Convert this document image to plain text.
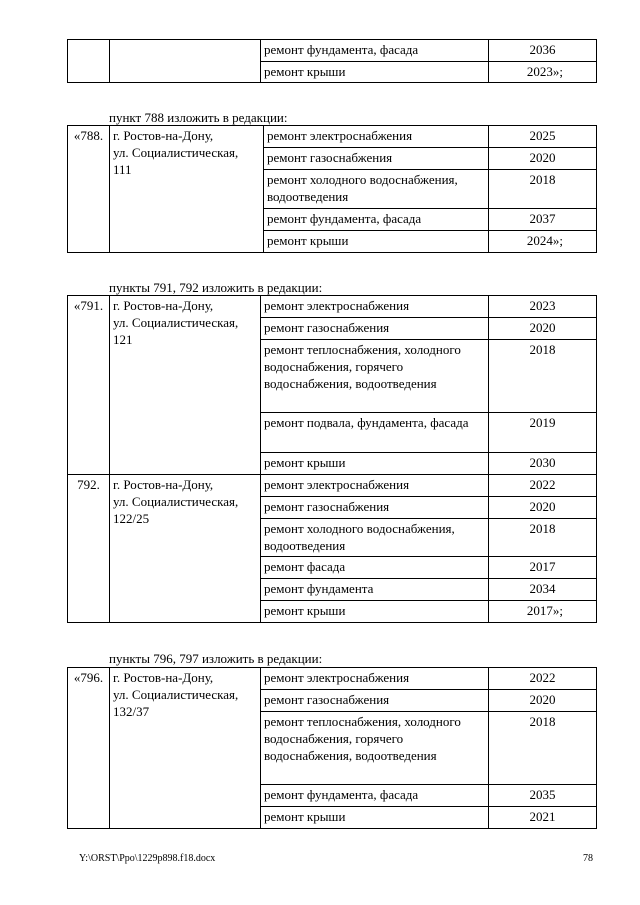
		ремонт фундамента, фасада	2036
		ремонт крыши	2023»;
пункт 788 изложить в редакции:
«788.	г. Ростов-на-Дону,
ул. Социалистическая,
111	ремонт электроснабжения	2025
		ремонт газоснабжения	2020
		ремонт холодного водоснабжения, водоотведения	2018
		ремонт фундамента, фасада	2037
		ремонт крыши	2024»;
пункты 791, 792 изложить в редакции:
«791.	г. Ростов-на-Дону,
ул. Социалистическая,
121	ремонт электроснабжения	2023
		ремонт газоснабжения	2020
		ремонт теплоснабжения, холодного водоснабжения, горячего водоснабжения, водоотведения	2018
		ремонт подвала, фундамента, фасада	2019
		ремонт крыши	2030
792.	г. Ростов-на-Дону,
ул. Социалистическая,
122/25	ремонт электроснабжения	2022
		ремонт газоснабжения	2020
		ремонт холодного водоснабжения, водоотведения	2018
		ремонт фасада	2017
		ремонт фундамента	2034
		ремонт крыши	2017»;
пункты 796, 797 изложить в редакции:
«796.	г. Ростов-на-Дону,
ул. Социалистическая,
132/37	ремонт электроснабжения	2022
		ремонт газоснабжения	2020
		ремонт теплоснабжения, холодного водоснабжения, горячего водоснабжения, водоотведения	2018
		ремонт фундамента, фасада	2035
		ремонт крыши	2021
Y:\ORST\Ppo\1229p898.f18.docx	78
